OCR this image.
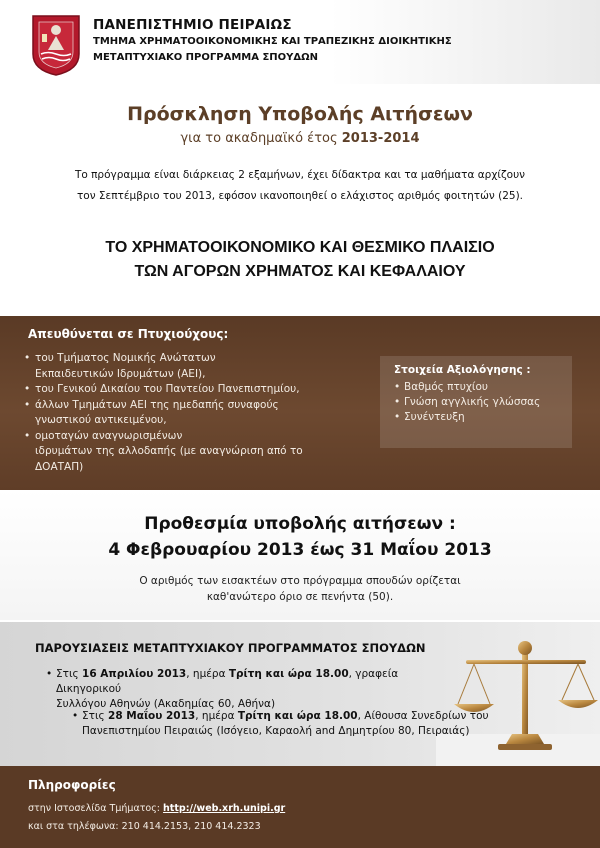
ΠΑΝΕΠΙΣΤΗΜΙΟ ΠΕΙΡΑΙΩΣ
ΤΜΗΜΑ ΧΡΗΜΑΤΟΟΙΚΟΝΟΜΙΚΗΣ ΚΑΙ ΤΡΑΠΕΖΙΚΗΣ ΔΙΟΙΚΗΤΙΚΗΣ
ΜΕΤΑΠΤΥΧΙΑΚΟ ΠΡΟΓΡΑΜΜΑ ΣΠΟΥΔΩΝ
Πρόσκληση Υποβολής Αιτήσεων
για το ακαδημαϊκό έτος 2013-2014
Το πρόγραμμα είναι διάρκειας 2 εξαμήνων, έχει δίδακτρα και τα μαθήματα αρχίζουν
τον Σεπτέμβριο του 2013, εφόσον ικανοποιηθεί ο ελάχιστος αριθμός φοιτητών (25).
ΤΟ ΧΡΗΜΑΤΟΟΙΚΟΝΟΜΙΚΟ ΚΑΙ ΘΕΣΜΙΚΟ ΠΛΑΙΣΙΟ
ΤΩΝ ΑΓΟΡΩΝ ΧΡΗΜΑΤΟΣ ΚΑΙ ΚΕΦΑΛΑΙΟΥ
Απευθύνεται σε Πτυχιούχους:
• του Τμήματος Νομικής Ανώτατων
Εκπαιδευτικών Ιδρυμάτων (ΑΕΙ),
• του Γενικού Δικαίου του Παντείου Πανεπιστημίου,
• άλλων Τμημάτων ΑΕΙ της ημεδαπής συναφούς
γνωστικού αντικειμένου,
• ομοταγών αναγνωρισμένων
ιδρυμάτων της αλλοδαπής (με αναγνώριση από το
ΔΟΑΤΑΠ)
Στοιχεία Αξιολόγησης :
• Βαθμός πτυχίου
• Γνώση αγγλικής γλώσσας
• Συνέντευξη
Προθεσμία υποβολής αιτήσεων :
4 Φεβρουαρίου 2013 έως 31 Μαΐου 2013
Ο αριθμός των εισακτέων στο πρόγραμμα σπουδών ορίζεται
καθ'ανώτερο όριο σε πενήντα (50).
ΠΑΡΟΥΣΙΑΣΕΙΣ ΜΕΤΑΠΤΥΧΙΑΚΟΥ ΠΡΟΓΡΑΜΜΑΤΟΣ ΣΠΟΥΔΩΝ
• Στις 16 Απριλίου 2013, ημέρα Τρίτη και ώρα 18.00, γραφεία Δικηγορικού
Συλλόγου Αθηνών (Ακαδημίας 60, Αθήνα)
• Στις 28 Μαΐου 2013, ημέρα Τρίτη και ώρα 18.00, Αίθουσα Συνεδρίων του
Πανεπιστημίου Πειραιώς (Ισόγειο, Καραολή and Δημητρίου 80, Πειραιάς)
Πληροφορίες
στην Ιστοσελίδα Τμήματος: http://web.xrh.unipi.gr
και στα τηλέφωνα: 210 414.2153, 210 414.2323
